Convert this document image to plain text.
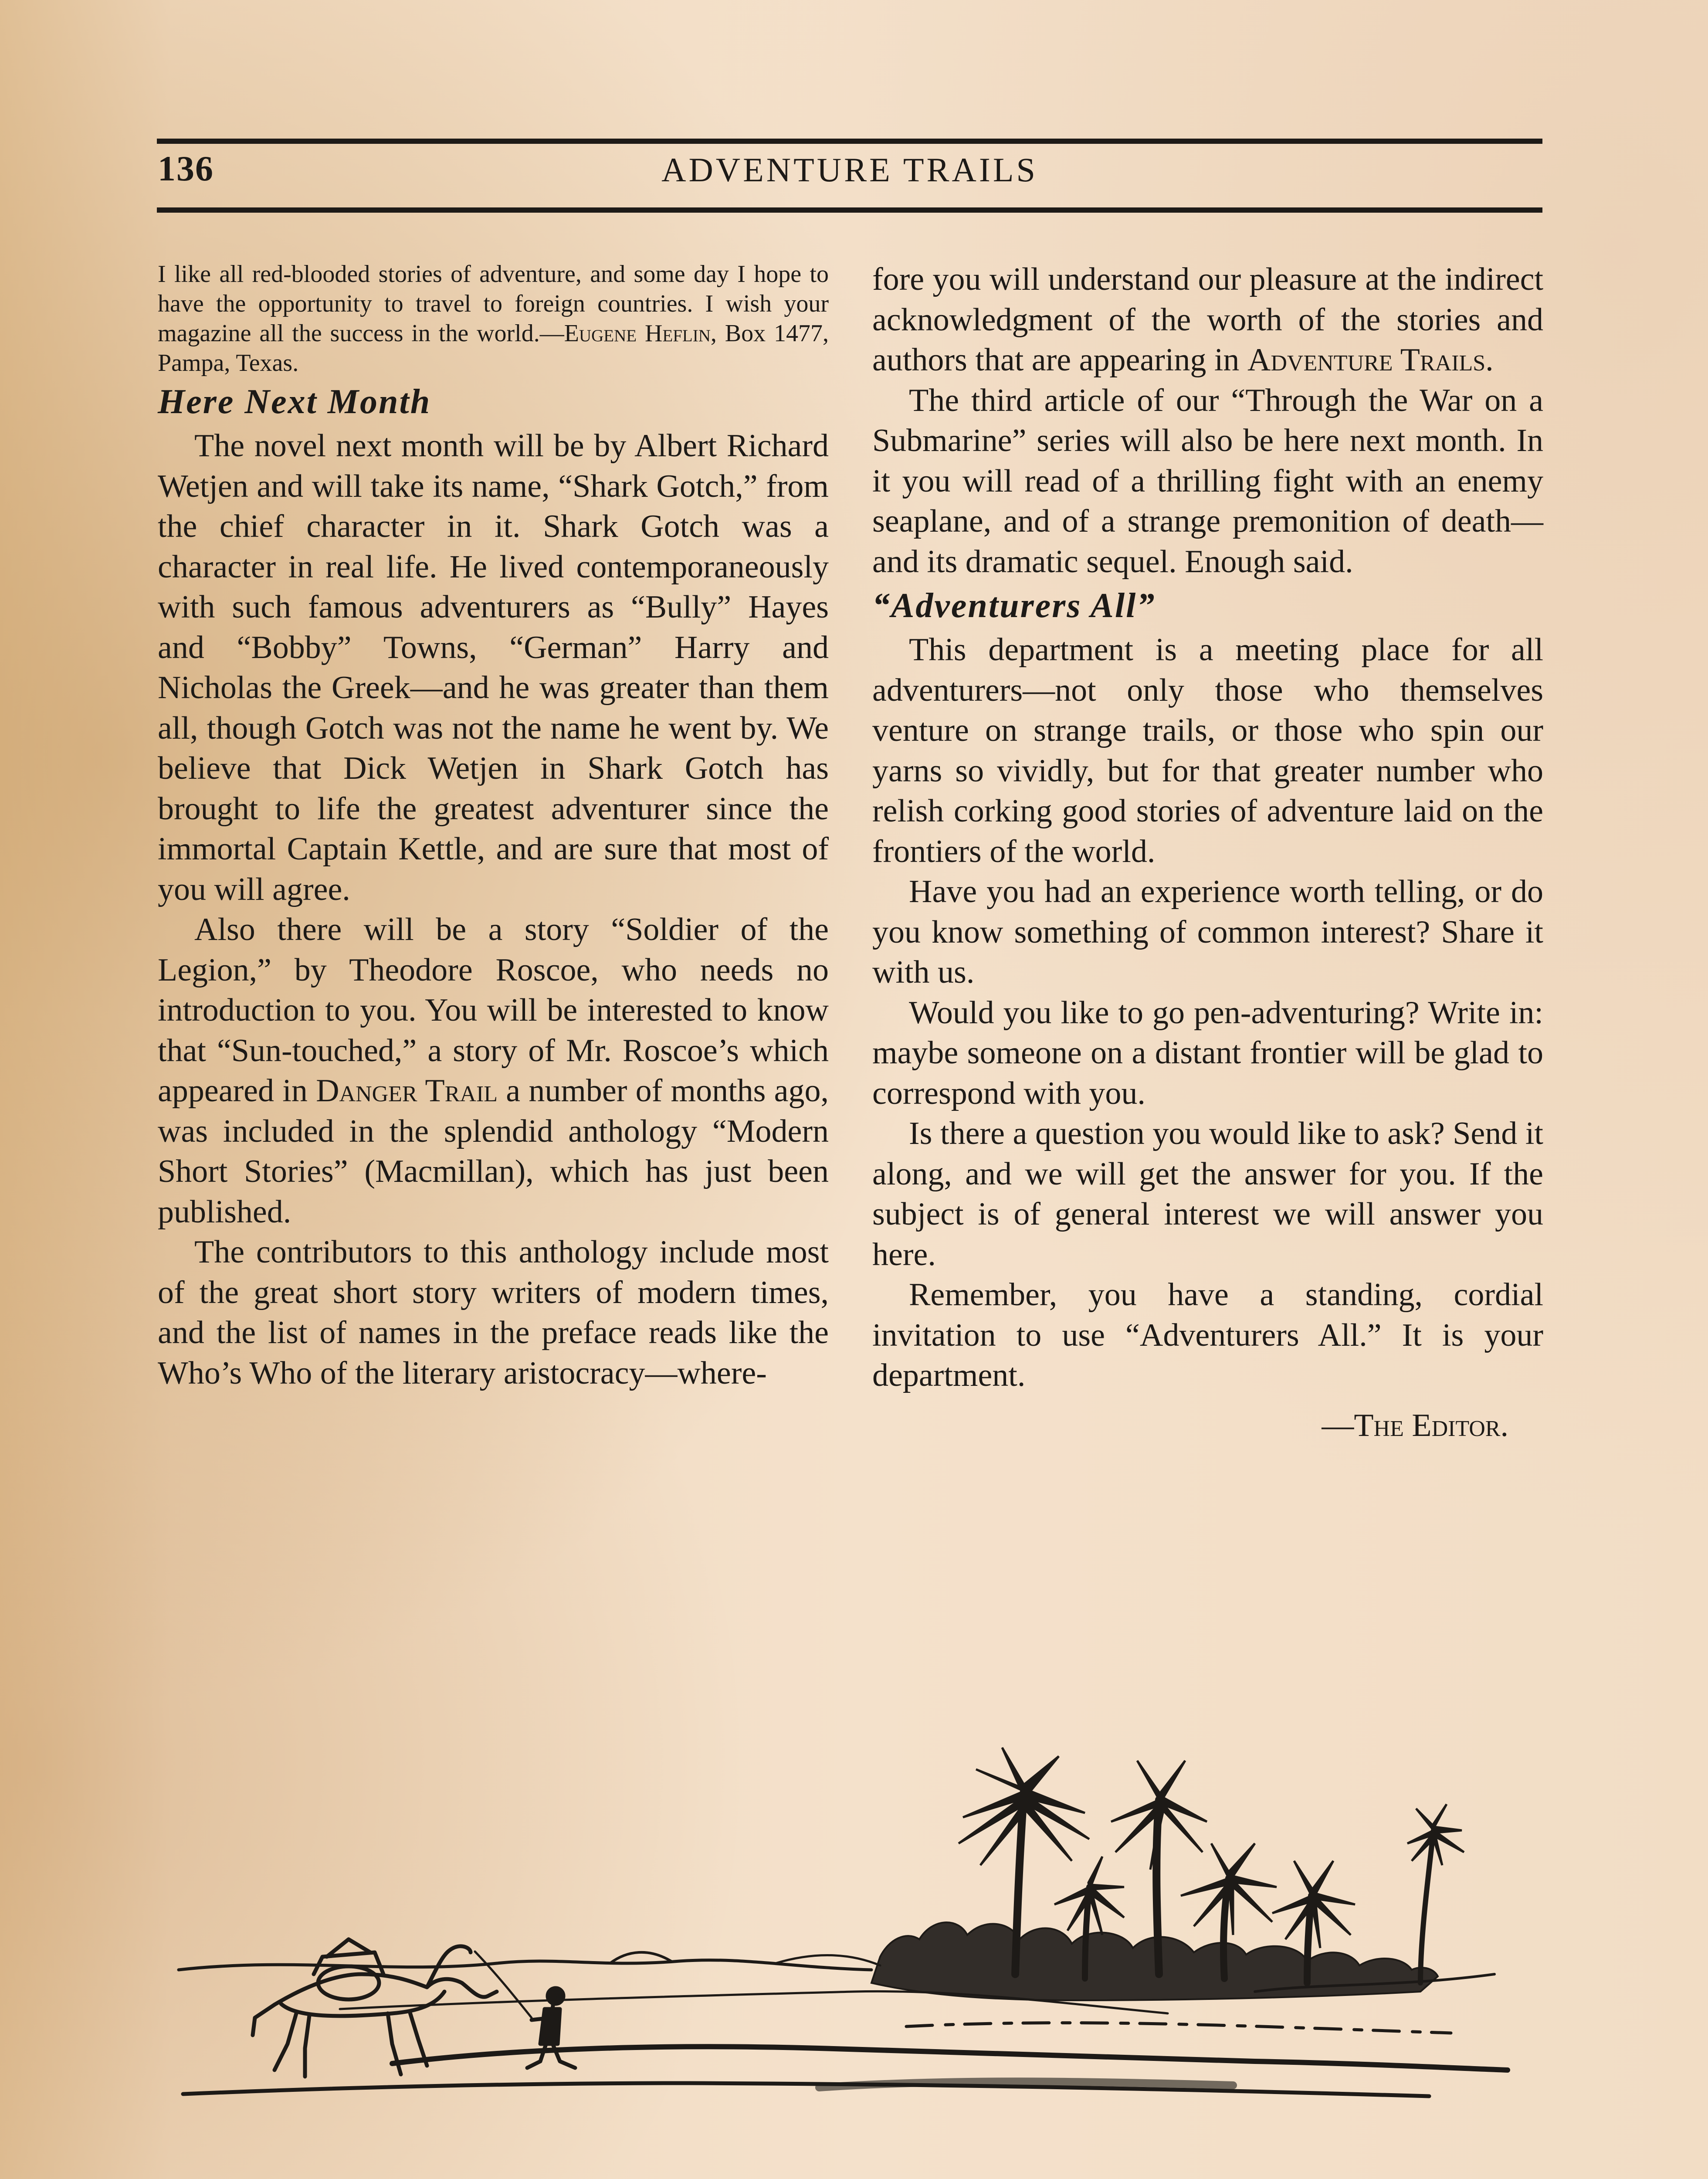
136	ADVENTURE TRAILS

I like all red-blooded stories of adventure, and some day I hope to have the opportunity to travel to foreign countries. I wish your magazine all the success in the world.—Eugene Heflin, Box 1477, Pampa, Texas.

Here Next Month

The novel next month will be by Albert Richard Wetjen and will take its name, “Shark Gotch,” from the chief character in it. Shark Gotch was a character in real life. He lived contemporaneously with such famous adventurers as “Bully” Hayes and “Bobby” Towns, “German” Harry and Nicholas the Greek—and he was greater than them all, though Gotch was not the name he went by. We believe that Dick Wetjen in Shark Gotch has brought to life the greatest adventurer since the immortal Captain Kettle, and are sure that most of you will agree.

Also there will be a story “Soldier of the Legion,” by Theodore Roscoe, who needs no introduction to you. You will be interested to know that “Sun-touched,” a story of Mr. Roscoe’s which appeared in Danger Trail a number of months ago, was included in the splendid anthology “Modern Short Stories” (Macmillan), which has just been published.

The contributors to this anthology include most of the great short story writers of modern times, and the list of names in the preface reads like the Who’s Who of the literary aristocracy—where-

fore you will understand our pleasure at the indirect acknowledgment of the worth of the stories and authors that are appearing in Adventure Trails.

The third article of our “Through the War on a Submarine” series will also be here next month. In it you will read of a thrilling fight with an enemy seaplane, and of a strange premonition of death—and its dramatic sequel. Enough said.

“Adventurers All”

This department is a meeting place for all adventurers—not only those who themselves venture on strange trails, or those who spin our yarns so vividly, but for that greater number who relish corking good stories of adventure laid on the frontiers of the world.

Have you had an experience worth telling, or do you know something of common interest? Share it with us.

Would you like to go pen-adventuring? Write in: maybe someone on a distant frontier will be glad to correspond with you.

Is there a question you would like to ask? Send it along, and we will get the answer for you. If the subject is of general interest we will answer you here.

Remember, you have a standing, cordial invitation to use “Adventurers All.” It is your department.

—The Editor.
